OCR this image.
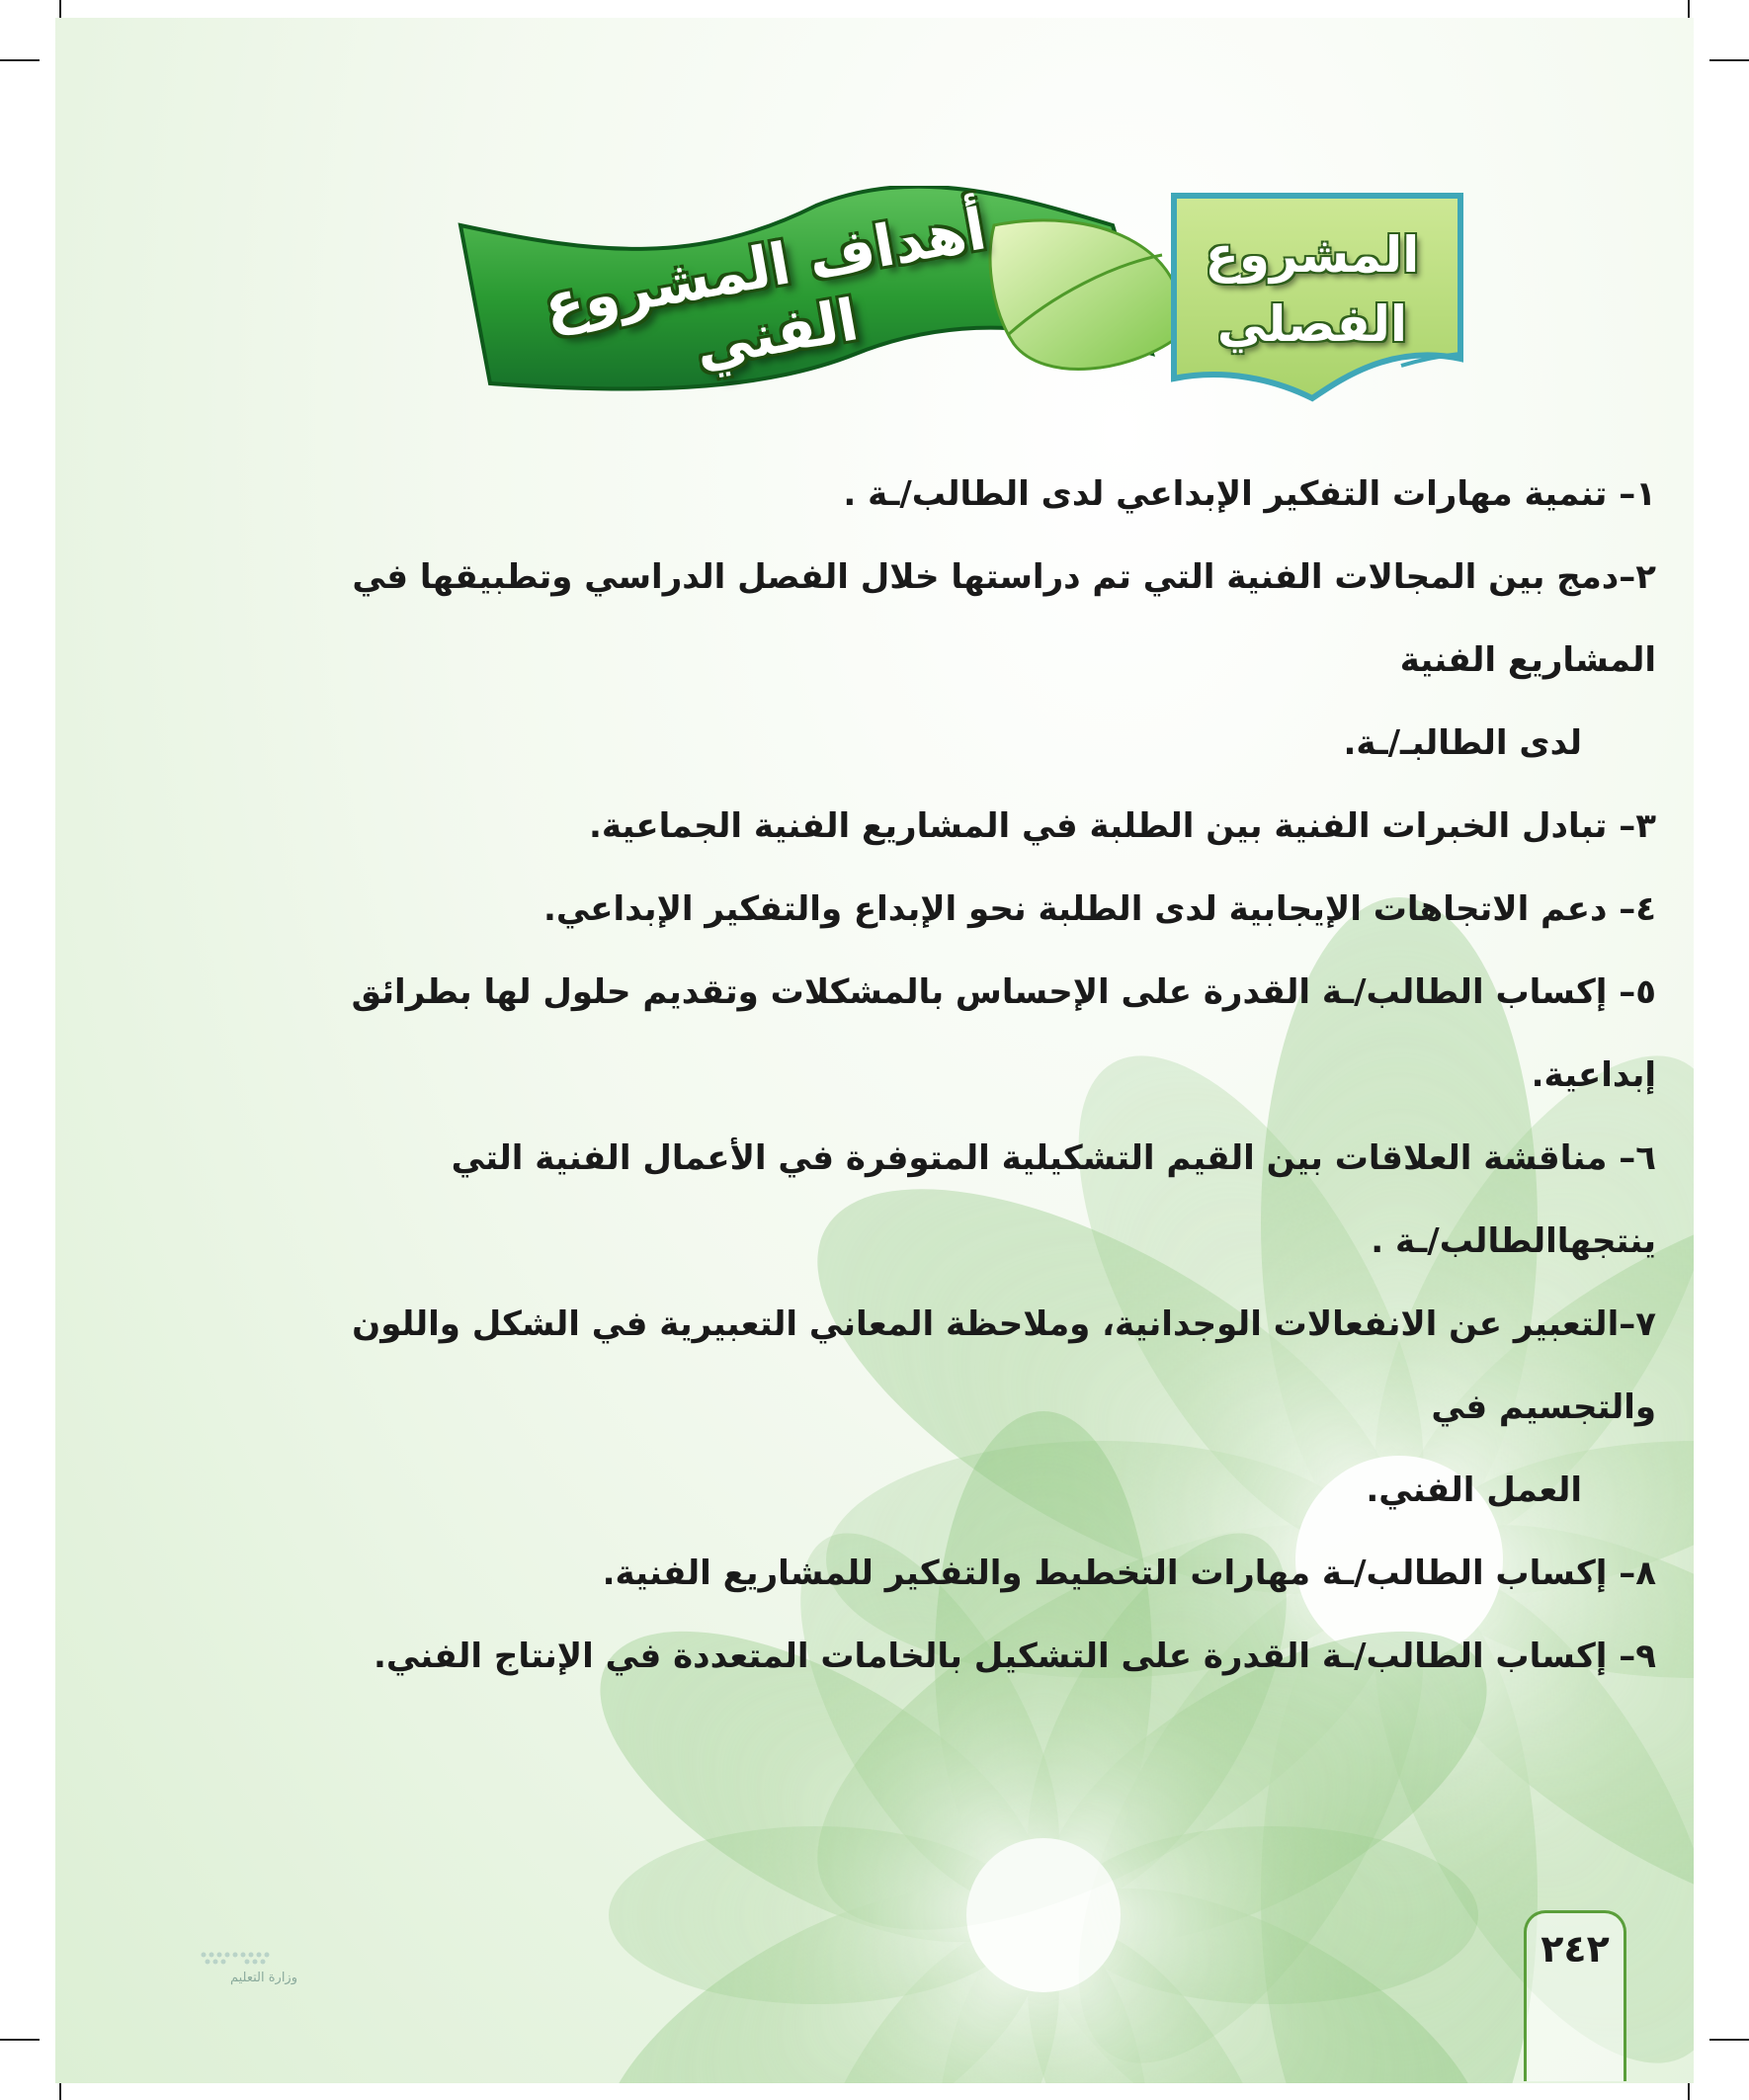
أهداف المشروع الفني
المشروع
الفصلي
١– تنمية مهارات التفكير الإبداعي لدى الطالب/ـة .
٢–دمج بين المجالات الفنية التي تم دراستها خلال الفصل الدراسي وتطبيقها في المشاريع الفنية
لدى الطالبـ/ـة.
٣– تبادل الخبرات الفنية بين الطلبة في المشاريع الفنية الجماعية.
٤– دعم الاتجاهات الإيجابية لدى الطلبة نحو الإبداع والتفكير الإبداعي.
٥– إكساب الطالب/ـة القدرة على الإحساس بالمشكلات وتقديم حلول لها بطرائق إبداعية.
٦– مناقشة العلاقات بين القيم التشكيلية المتوفرة في الأعمال الفنية التي ينتجهاالطالب/ـة .
٧–التعبير عن الانفعالات الوجدانية، وملاحظة المعاني التعبيرية في الشكل واللون والتجسيم في
العمل الفني.
٨– إكساب الطالب/ـة مهارات التخطيط والتفكير للمشاريع الفنية.
٩– إكساب الطالب/ـة القدرة على التشكيل بالخامات المتعددة في الإنتاج الفني.
٢٤٢
وزارة التعليم
